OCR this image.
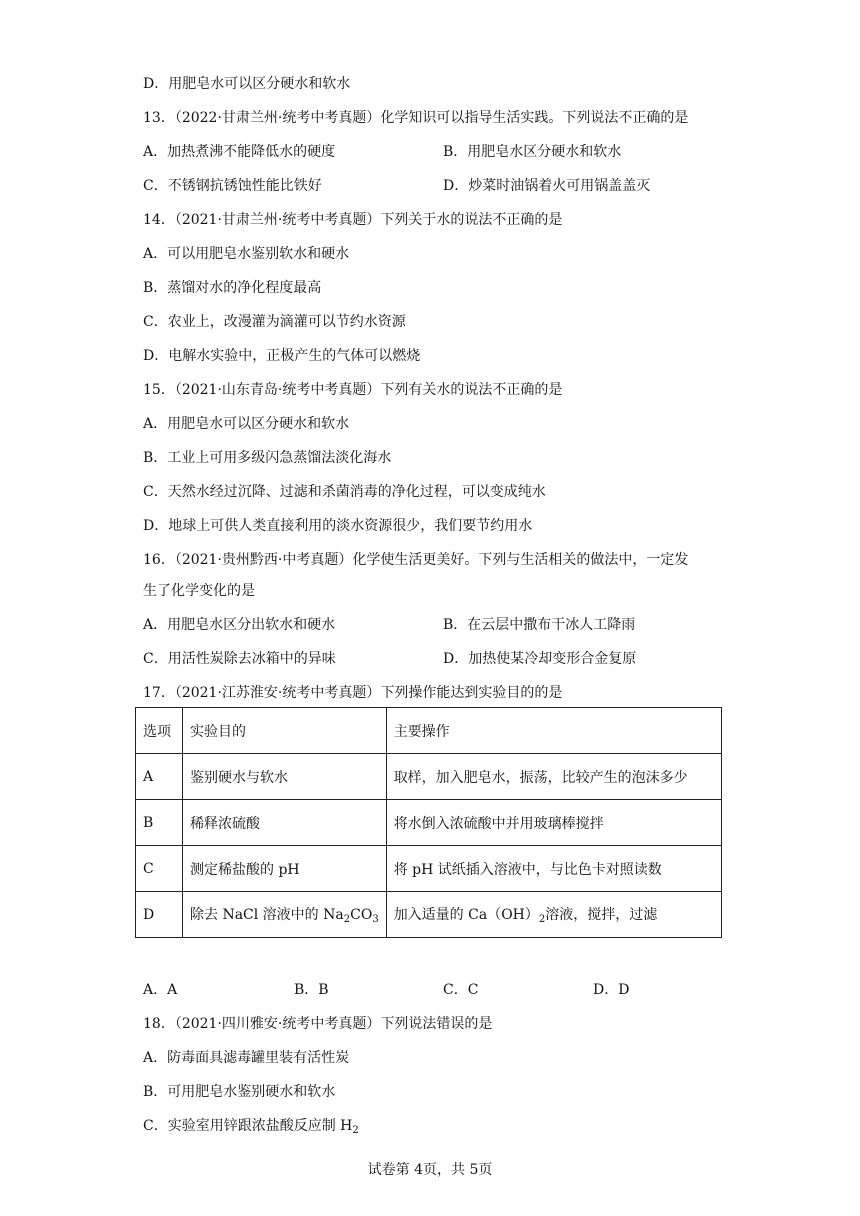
D．用肥皂水可以区分硬水和软水
13．（2022·甘肃兰州·统考中考真题）化学知识可以指导生活实践。下列说法不正确的是
A．加热煮沸不能降低水的硬度	B．用肥皂水区分硬水和软水
C．不锈钢抗锈蚀性能比铁好	D．炒菜时油锅着火可用锅盖盖灭
14．（2021·甘肃兰州·统考中考真题）下列关于水的说法不正确的是
A．可以用肥皂水鉴别软水和硬水
B．蒸馏对水的净化程度最高
C．农业上，改漫灌为滴灌可以节约水资源
D．电解水实验中，正极产生的气体可以燃烧
15．（2021·山东青岛·统考中考真题）下列有关水的说法不正确的是
A．用肥皂水可以区分硬水和软水
B．工业上可用多级闪急蒸馏法淡化海水
C．天然水经过沉降、过滤和杀菌消毒的净化过程，可以变成纯水
D．地球上可供人类直接利用的淡水资源很少，我们要节约用水
16．（2021·贵州黔西·中考真题）化学使生活更美好。下列与生活相关的做法中，一定发
生了化学变化的是
A．用肥皂水区分出软水和硬水	B．在云层中撒布干冰人工降雨
C．用活性炭除去冰箱中的异味	D．加热使某冷却变形合金复原
17．（2021·江苏淮安·统考中考真题）下列操作能达到实验目的的是
选项	实验目的	主要操作
A	鉴别硬水与软水	取样，加入肥皂水，振荡，比较产生的泡沫多少
B	稀释浓硫酸	将水倒入浓硫酸中并用玻璃棒搅拌
C	测定稀盐酸的 pH	将 pH 试纸插入溶液中，与比色卡对照读数
D	除去 NaCl 溶液中的 $Na_2CO_3$	加入适量的 $Ca(OH)_2$溶液，搅拌，过滤
A．A	B．B	C．C	D．D
18．（2021·四川雅安·统考中考真题）下列说法错误的是
A．防毒面具滤毒罐里装有活性炭
B．可用肥皂水鉴别硬水和软水
C．实验室用锌跟浓盐酸反应制 $H_2$
试卷第 4页，共 5页
